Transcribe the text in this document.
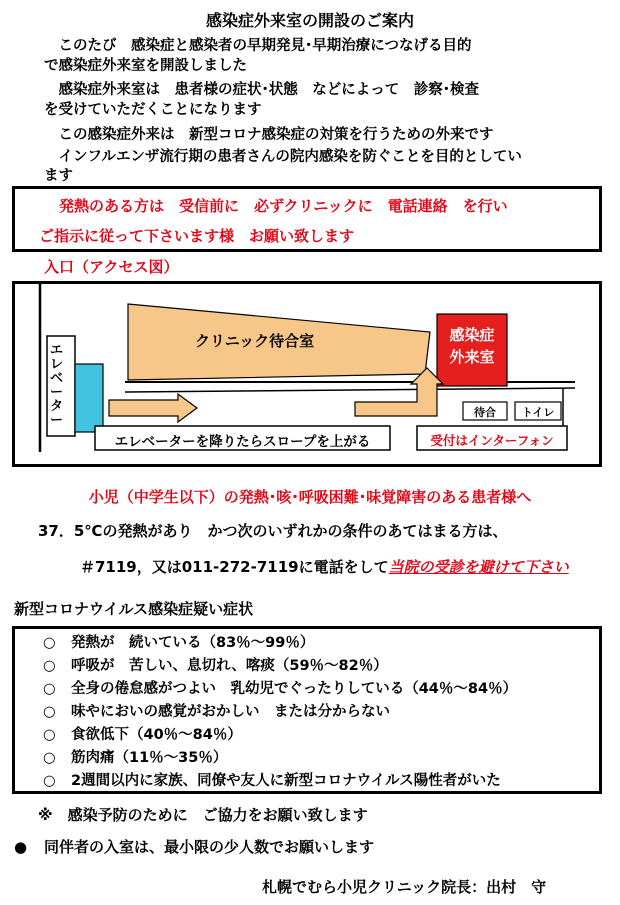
感染症外来室の開設のご案内
　このたび　感染症と感染者の早期発見･早期治療につなげる目的
で感染症外来室を開設しました
　感染症外来室は　患者様の症状･状態　などによって　診察･検査
を受けていただくことになります
　この感染症外来は　新型コロナ感染症の対策を行うための外来です
　インフルエンザ流行期の患者さんの院内感染を防ぐことを目的としてい
ます
発熱のある方は　受信前に　必ずクリニックに　電話連絡　を行い
ご指示に従って下さいます様　お願い致します
入口（アクセス図）
エレベーター
クリニック待合室	感染症
外来室
待合	トイレ
エレベーターを降りたらスロープを上がる	受付はインターフォン
小児（中学生以下）の発熱･咳･呼吸困難･味覚障害のある患者様へ
37．5℃の発熱があり　かつ次のいずれかの条件のあてはまる方は、
＃7119，又は011-272-7119に電話をして当院の受診を避けて下さい
新型コロナウイルス感染症疑い症状
○ 発熱が　続いている（83％～99％）
○ 呼吸が　苦しい、息切れ、喀痰（59％～82％）
○ 全身の倦怠感がつよい　乳幼児でぐったりしている（44％～84％）
○ 味やにおいの感覚がおかしい　または分からない
○ 食欲低下（40％～84％）
○ 筋肉痛（11％～35％）
○ 2週間以内に家族、同僚や友人に新型コロナウイルス陽性者がいた
※　感染予防のために　ご協力をお願い致します
● 同伴者の入室は、最小限の少人数でお願いします
札幌でむら小児クリニック院長：出村　守
